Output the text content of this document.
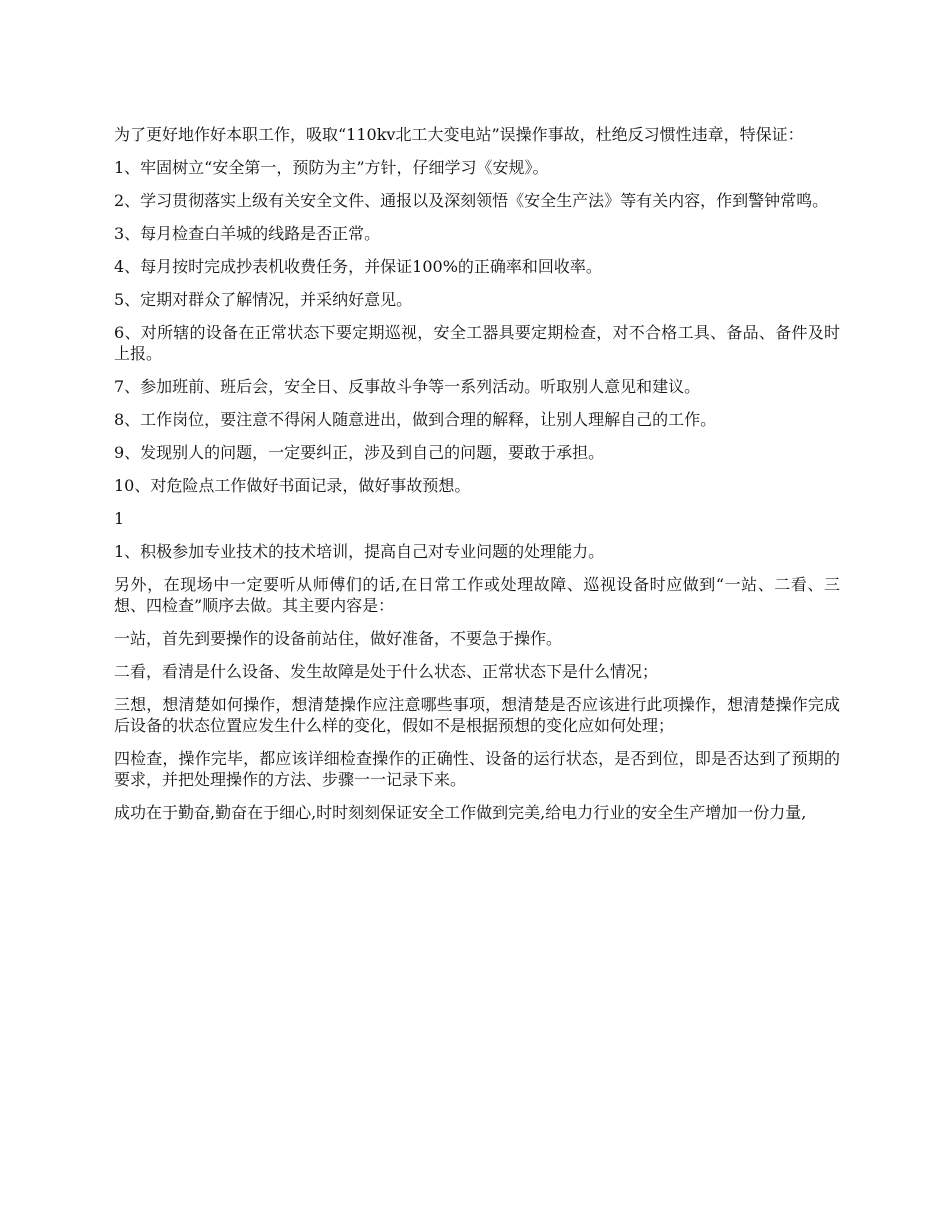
为了更好地作好本职工作，吸取“110kv北工大变电站”误操作事故，杜绝反习惯性违章，特保证：

1、牢固树立“安全第一，预防为主”方针，仔细学习《安规》。

2、学习贯彻落实上级有关安全文件、通报以及深刻领悟《安全生产法》等有关内容，作到警钟常鸣。

3、每月检查白羊城的线路是否正常。

4、每月按时完成抄表机收费任务，并保证100%的正确率和回收率。

5、定期对群众了解情况，并采纳好意见。

6、对所辖的设备在正常状态下要定期巡视，安全工器具要定期检查，对不合格工具、备品、备件及时上报。

7、参加班前、班后会，安全日、反事故斗争等一系列活动。听取别人意见和建议。

8、工作岗位，要注意不得闲人随意进出，做到合理的解释，让别人理解自己的工作。

9、发现别人的问题，一定要纠正，涉及到自己的问题，要敢于承担。

10、对危险点工作做好书面记录，做好事故预想。

1

1、积极参加专业技术的技术培训，提高自己对专业问题的处理能力。

另外，在现场中一定要听从师傅们的话,在日常工作或处理故障、巡视设备时应做到“一站、二看、三想、四检查”顺序去做。其主要内容是：

一站，首先到要操作的设备前站住，做好准备，不要急于操作。

二看，看清是什么设备、发生故障是处于什么状态、正常状态下是什么情况；

三想，想清楚如何操作，想清楚操作应注意哪些事项，想清楚是否应该进行此项操作，想清楚操作完成后设备的状态位置应发生什么样的变化，假如不是根据预想的变化应如何处理；

四检查，操作完毕，都应该详细检查操作的正确性、设备的运行状态，是否到位，即是否达到了预期的要求，并把处理操作的方法、步骤一一记录下来。

成功在于勤奋,勤奋在于细心,时时刻刻保证安全工作做到完美,给电力行业的安全生产增加一份力量,
